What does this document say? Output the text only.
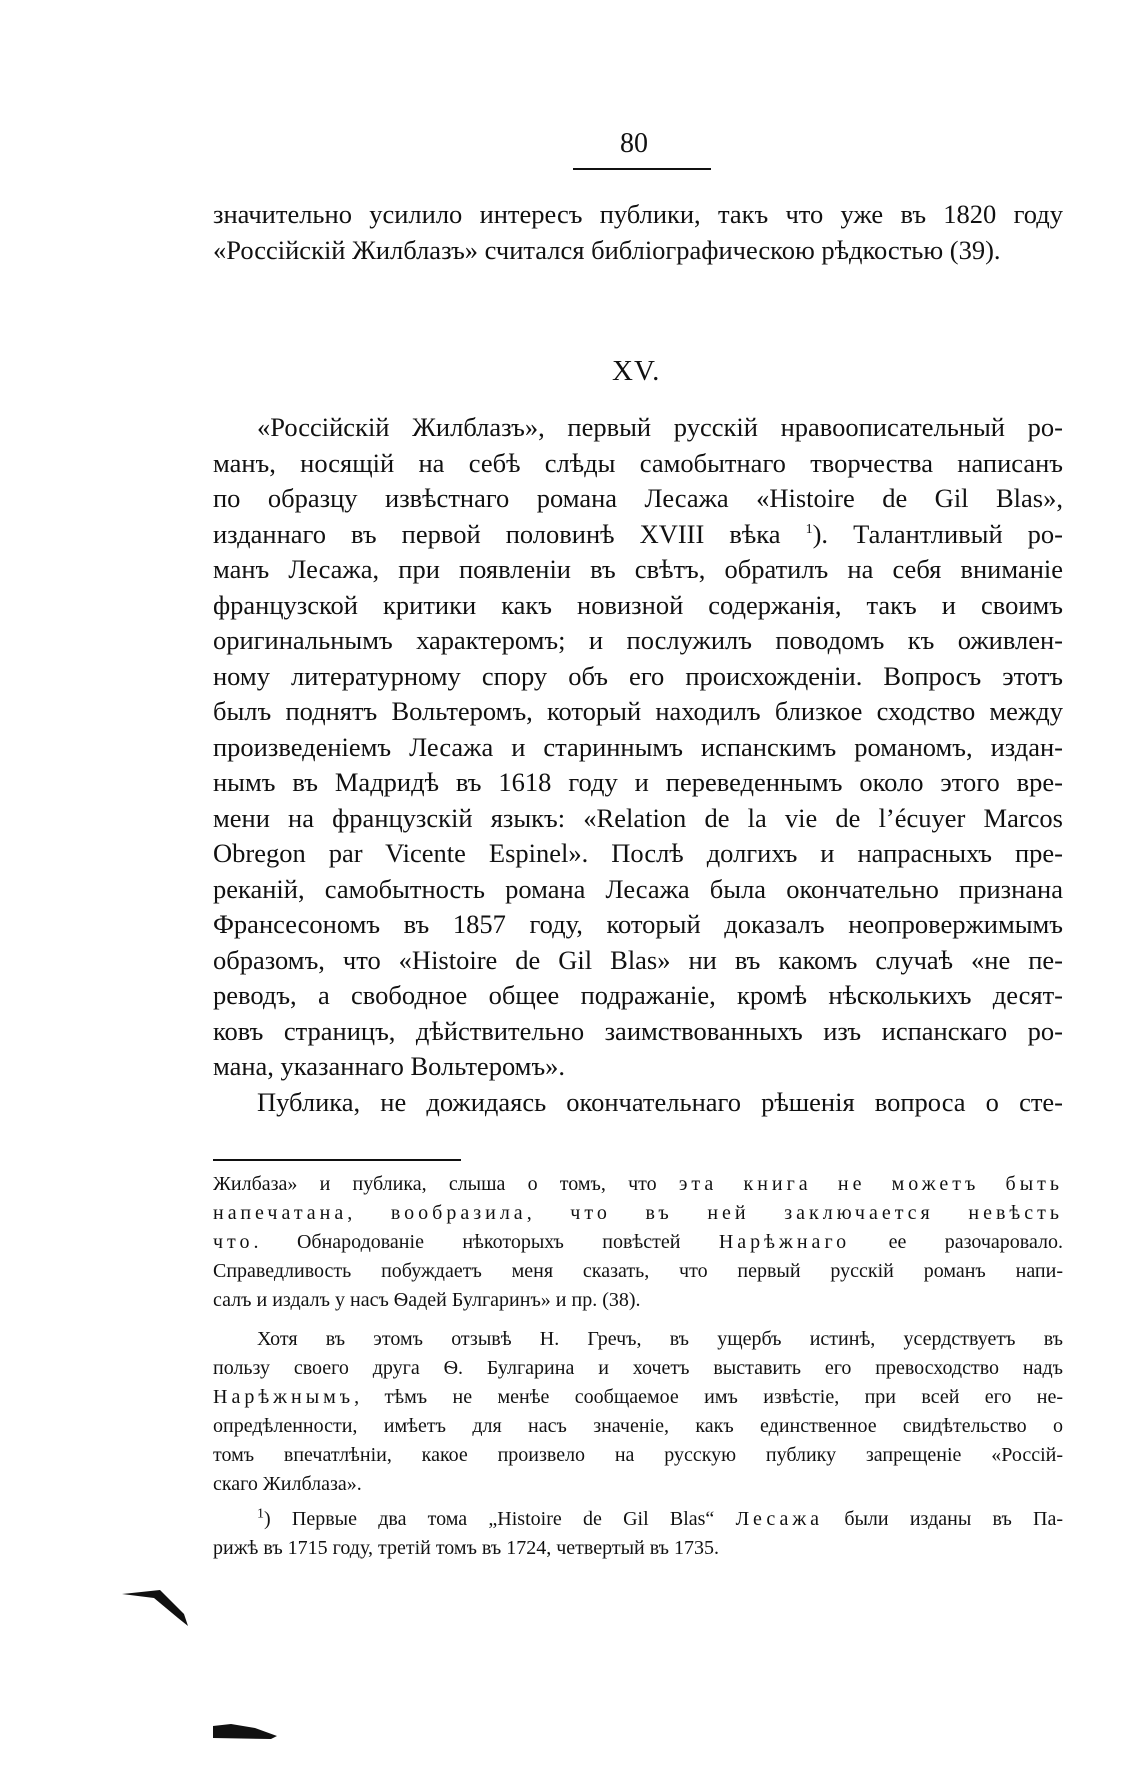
80
значительно усилило интересъ публики, такъ что уже въ 1820 году
«Россійскій Жилблазъ» считался библіографическою рѣдкостью (39).
XV.
«Россійскій Жилблазъ», первый русскій нравоописательный ро-
манъ, носящій на себѣ слѣды самобытнаго творчества написанъ
по образцу извѣстнаго романа Лесажа «Histoire de Gil Blas»,
изданнаго въ первой половинѣ XVIII вѣка $^1$). Талантливый ро-
манъ Лесажа, при появленіи въ свѣтъ, обратилъ на себя вниманіе
французской критики какъ новизной содержанія, такъ и своимъ
оригинальнымъ характеромъ; и послужилъ поводомъ къ оживлен-
ному литературному спору объ его происхожденіи. Вопросъ этотъ
былъ поднятъ Вольтеромъ, который находилъ близкое сходство между
произведеніемъ Лесажа и стариннымъ испанскимъ романомъ, издан-
нымъ въ Мадридѣ въ 1618 году и переведеннымъ около этого вре-
мени на французскій языкъ: «Relation de la vie de l’écuyer Marcos
Obregon par Vicente Espinel». Послѣ долгихъ и напрасныхъ пре-
реканій, самобытность романа Лесажа была окончательно признана
Франсесономъ въ 1857 году, который доказалъ неопровержимымъ
образомъ, что «Histoire de Gil Blas» ни въ какомъ случаѣ «не пе-
реводъ, а свободное общее подражаніе, кромѣ нѣсколькихъ десят-
ковъ страницъ, дѣйствительно заимствованныхъ изъ испанскаго ро-
мана, указаннаго Вольтеромъ».
Публика, не дожидаясь окончательнаго рѣшенія вопроса о сте-
Жилбаза» и публика, слыша о томъ, что эта книга не можетъ быть
напечатана, вообразила, что въ ней заключается невѣсть
что. Обнародованіе нѣкоторыхъ повѣстей Нарѣжнаго ее разочаровало.
Справедливость побуждаетъ меня сказать, что первый русскій романъ напи-
салъ и издалъ у насъ Ѳадей Булгаринъ» и пр. (38).
Хотя въ этомъ отзывѣ Н. Гречъ, въ ущербъ истинѣ, усердствуетъ въ
пользу своего друга Ѳ. Булгарина и хочетъ выставить его превосходство надъ
Нарѣжнымъ, тѣмъ не менѣе сообщаемое имъ извѣстіе, при всей его не-
опредѣленности, имѣетъ для насъ значеніе, какъ единственное свидѣтельство о
томъ впечатлѣніи, какое произвело на русскую публику запрещеніе «Россій-
скаго Жилблаза».
$^1$) Первые два тома „Histoire de Gil Blas“ Лесажа были изданы въ Па-
рижѣ въ 1715 году, третій томъ въ 1724, четвертый въ 1735.
